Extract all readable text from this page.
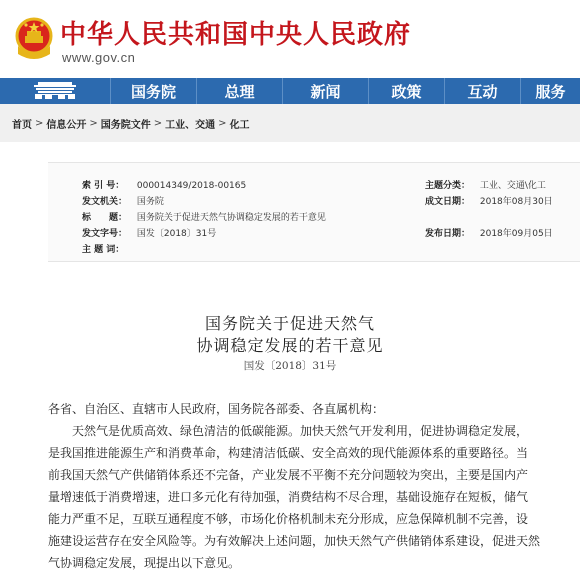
中华人民共和国中央人民政府
www.gov.cn
国务院	总理	新闻	政策	互动	服务
首页 > 信息公开 > 国务院文件 > 工业、交通 > 化工
索 引 号： 000014349/2018-00165	主题分类： 工业、交通\化工
发文机关： 国务院	成文日期： 2018年08月30日
标　　题： 国务院关于促进天然气协调稳定发展的若干意见
发文字号： 国发〔2018〕31号	发布日期： 2018年09月05日
主 题 词：
国务院关于促进天然气
协调稳定发展的若干意见
国发〔2018〕31号
各省、自治区、直辖市人民政府，国务院各部委、各直属机构：
　　天然气是优质高效、绿色清洁的低碳能源。加快天然气开发利用，促进协调稳定发展，
是我国推进能源生产和消费革命，构建清洁低碳、安全高效的现代能源体系的重要路径。当
前我国天然气产供储销体系还不完备，产业发展不平衡不充分问题较为突出，主要是国内产
量增速低于消费增速，进口多元化有待加强，消费结构不尽合理，基础设施存在短板，储气
能力严重不足，互联互通程度不够，市场化价格机制未充分形成，应急保障机制不完善，设
施建设运营存在安全风险等。为有效解决上述问题，加快天然气产供储销体系建设，促进天然
气协调稳定发展，现提出以下意见。
